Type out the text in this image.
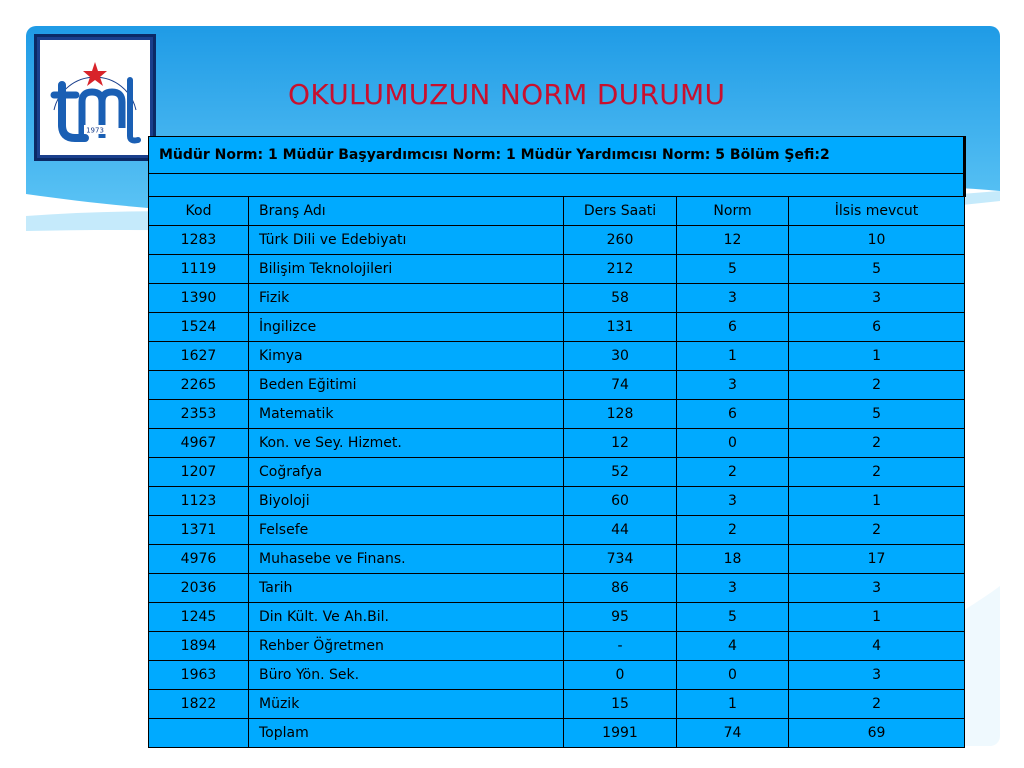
1973
OKULUMUZUN NORM DURUMU
Müdür Norm: 1 Müdür Başyardımcısı Norm: 1 Müdür Yardımcısı Norm: 5 Bölüm Şefi:2				

Kod	Branş Adı	Ders Saati	Norm	İlsis mevcut
1283	Türk Dili ve Edebiyatı	260	12	10
1119	Bilişim Teknolojileri	212	5	5
1390	Fizik	58	3	3
1524	İngilizce	131	6	6
1627	Kimya	30	1	1
2265	Beden Eğitimi	74	3	2
2353	Matematik	128	6	5
4967	Kon. ve Sey. Hizmet.	12	0	2
1207	Coğrafya	52	2	2
1123	Biyoloji	60	3	1
1371	Felsefe	44	2	2
4976	Muhasebe ve Finans.	734	18	17
2036	Tarih	86	3	3
1245	Din Kült. Ve Ah.Bil.	95	5	1
1894	Rehber Öğretmen	-	4	4
1963	Büro Yön. Sek.	0	0	3
1822	Müzik	15	1	2
	Toplam	1991	74	69
